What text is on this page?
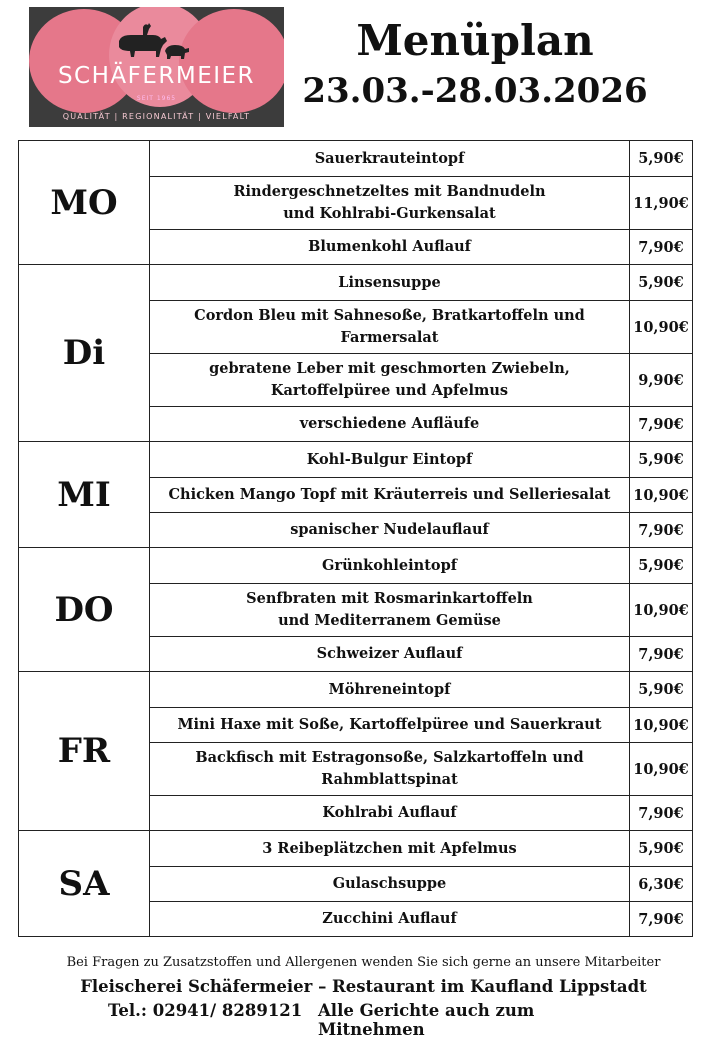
SCHÄFERMEIER
SEIT 1965
QUALITÄT | REGIONALITÄT | VIELFALT
Menüplan
23.03.-28.03.2026
MO	Sauerkrauteintopf	5,90€
	Rindergeschnetzeltes mit Bandnudeln
und Kohlrabi-Gurkensalat	11,90€
	Blumenkohl Auflauf	7,90€
Di	Linsensuppe	5,90€
	Cordon Bleu mit Sahnesoße, Bratkartoffeln und
Farmersalat	10,90€
	gebratene Leber mit geschmorten Zwiebeln,
Kartoffelpüree und Apfelmus	9,90€
	verschiedene Aufläufe	7,90€
MI	Kohl-Bulgur Eintopf	5,90€
	Chicken Mango Topf mit Kräuterreis und Selleriesalat	10,90€
	spanischer Nudelauflauf	7,90€
DO	Grünkohleintopf	5,90€
	Senfbraten mit Rosmarinkartoffeln
und Mediterranem Gemüse	10,90€
	Schweizer Auflauf	7,90€
FR	Möhreneintopf	5,90€
	Mini Haxe mit Soße, Kartoffelpüree und Sauerkraut	10,90€
	Backfisch mit Estragonsoße, Salzkartoffeln und
Rahmblattspinat	10,90€
	Kohlrabi Auflauf	7,90€
SA	3 Reibeplätzchen mit Apfelmus	5,90€
	Gulaschsuppe	6,30€
	Zucchini Auflauf	7,90€
Bei Fragen zu Zusatzstoffen und Allergenen wenden Sie sich gerne an unsere Mitarbeiter
Fleischerei Schäfermeier – Restaurant im Kaufland Lippstadt
Tel.: 02941/ 8289121 Alle Gerichte auch zum Mitnehmen
